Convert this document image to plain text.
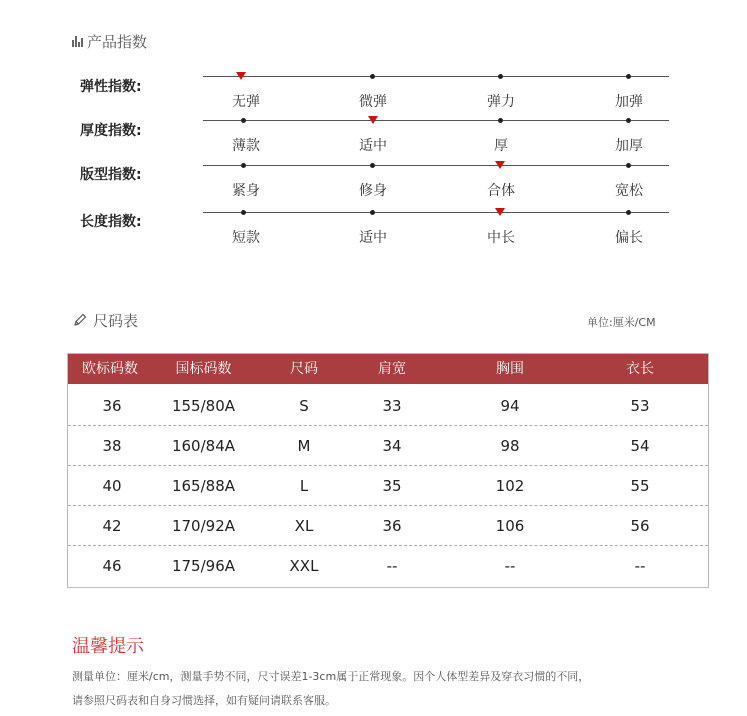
产品指数
弹性指数:
无弹	微弹	弹力	加弹
厚度指数:
薄款	适中	厚	加厚
版型指数:
紧身	修身	合体	宽松
长度指数:
短款	适中	中长	偏长
尺码表	单位:厘米/CM
欧标码数	国标码数	尺码	肩宽	胸围	衣长
36	155/80A	S	33	94	53
38	160/84A	M	34	98	54
40	165/88A	L	35	102	55
42	170/92A	XL	36	106	56
46	175/96A	XXL	--	--	--
温馨提示
测量单位：厘米/cm，测量手势不同，尺寸误差1-3cm属于正常现象。因个人体型差异及穿衣习惯的不同，
请参照尺码表和自身习惯选择，如有疑问请联系客服。
